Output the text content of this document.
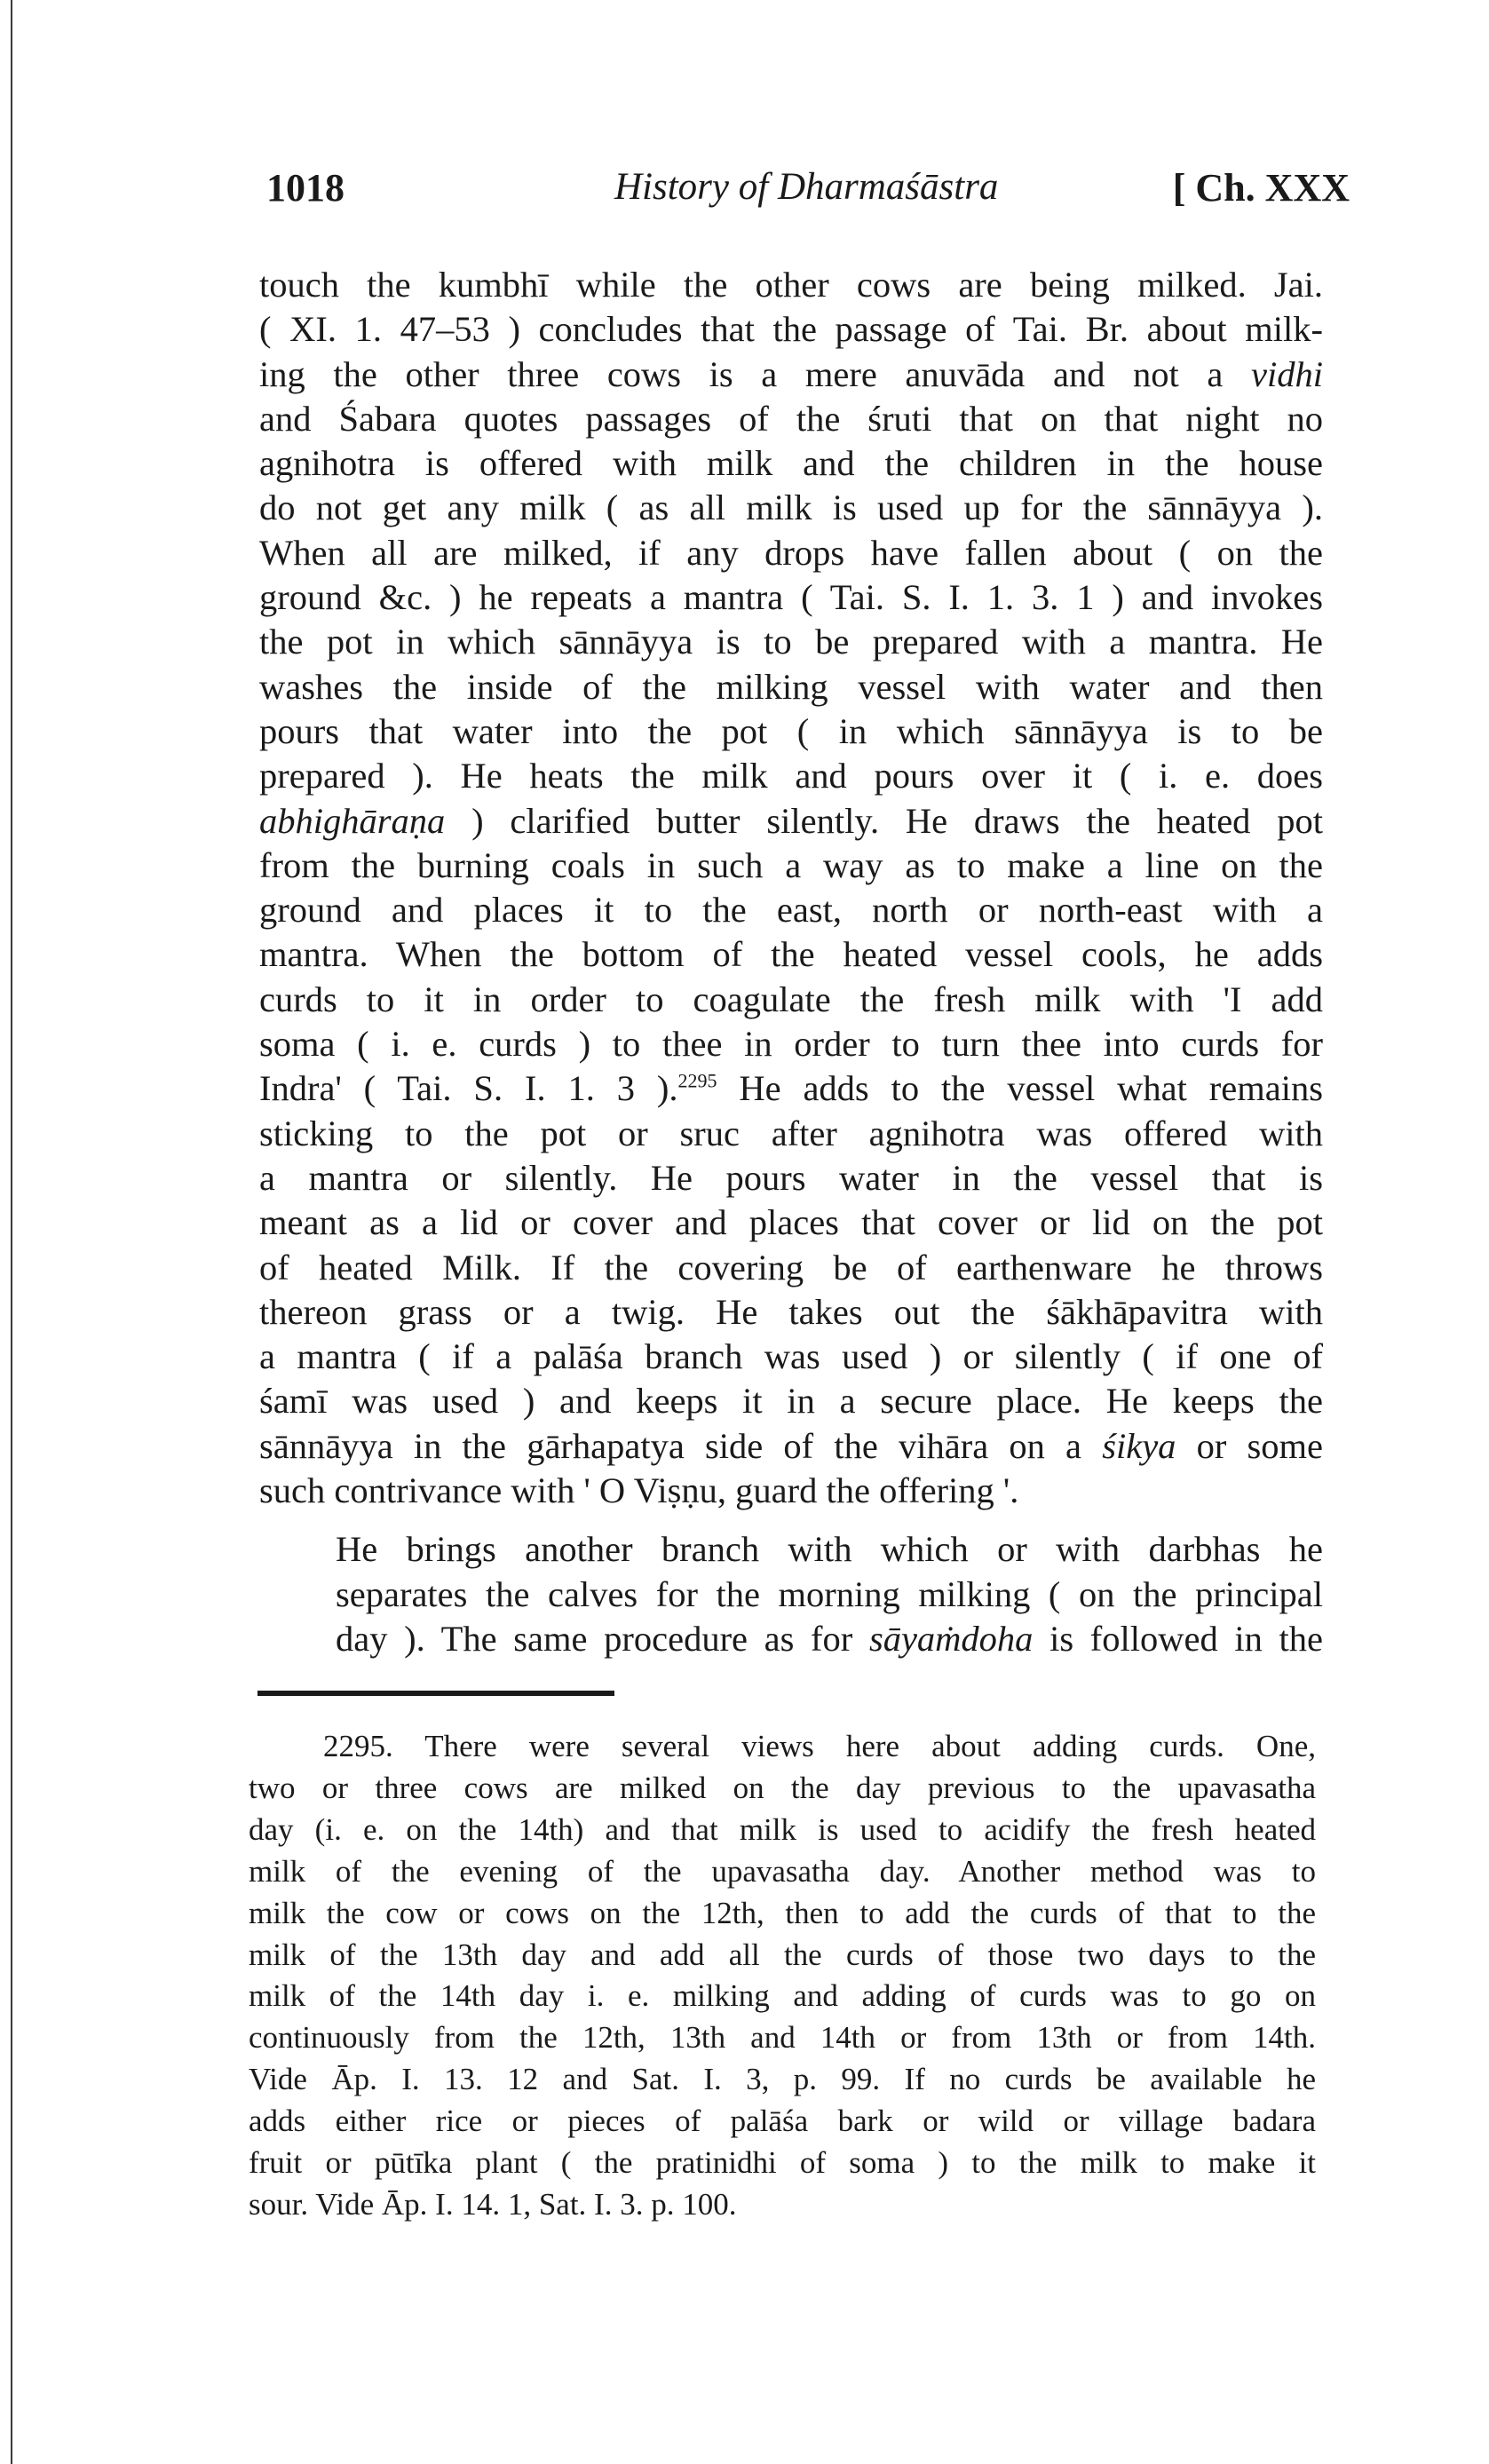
1018	History of Dharmaśāstra	[ Ch. XXX

touch the kumbhī while the other cows are being milked. Jai.
( XI. 1. 47–53 ) concludes that the passage of Tai. Br. about milk-
ing the other three cows is a mere anuvāda and not a vidhi
and Śabara quotes passages of the śruti that on that night no
agnihotra is offered with milk and the children in the house
do not get any milk ( as all milk is used up for the sānnāyya ).
When all are milked, if any drops have fallen about ( on the
ground &c. ) he repeats a mantra ( Tai. S. I. 1. 3. 1 ) and invokes
the pot in which sānnāyya is to be prepared with a mantra. He
washes the inside of the milking vessel with water and then
pours that water into the pot ( in which sānnāyya is to be
prepared ). He heats the milk and pours over it ( i. e. does
abhighāraṇa ) clarified butter silently. He draws the heated pot
from the burning coals in such a way as to make a line on the
ground and places it to the east, north or north-east with a
mantra. When the bottom of the heated vessel cools, he adds
curds to it in order to coagulate the fresh milk with 'I add
soma ( i. e. curds ) to thee in order to turn thee into curds for
Indra' ( Tai. S. I. 1. 3 ).$^{2295}$ He adds to the vessel what remains
sticking to the pot or sruc after agnihotra was offered with
a mantra or silently. He pours water in the vessel that is
meant as a lid or cover and places that cover or lid on the pot
of heated Milk. If the covering be of earthenware he throws
thereon grass or a twig. He takes out the śākhāpavitra with
a mantra ( if a palāśa branch was used ) or silently ( if one of
śamī was used ) and keeps it in a secure place. He keeps the
sānnāyya in the gārhapatya side of the vihāra on a śikya or some
such contrivance with ' O Viṣṇu, guard the offering '.

He brings another branch with which or with darbhas he
separates the calves for the morning milking ( on the principal
day ). The same procedure as for sāyaṁdoha is followed in the

2295. There were several views here about adding curds. One,
two or three cows are milked on the day previous to the upavasatha
day (i. e. on the 14th) and that milk is used to acidify the fresh heated
milk of the evening of the upavasatha day. Another method was to
milk the cow or cows on the 12th, then to add the curds of that to the
milk of the 13th day and add all the curds of those two days to the
milk of the 14th day i. e. milking and adding of curds was to go on
continuously from the 12th, 13th and 14th or from 13th or from 14th.
Vide Āp. I. 13. 12 and Sat. I. 3, p. 99. If no curds be available he
adds either rice or pieces of palāśa bark or wild or village badara
fruit or pūtīka plant ( the pratinidhi of soma ) to the milk to make it
sour. Vide Āp. I. 14. 1, Sat. I. 3. p. 100.
